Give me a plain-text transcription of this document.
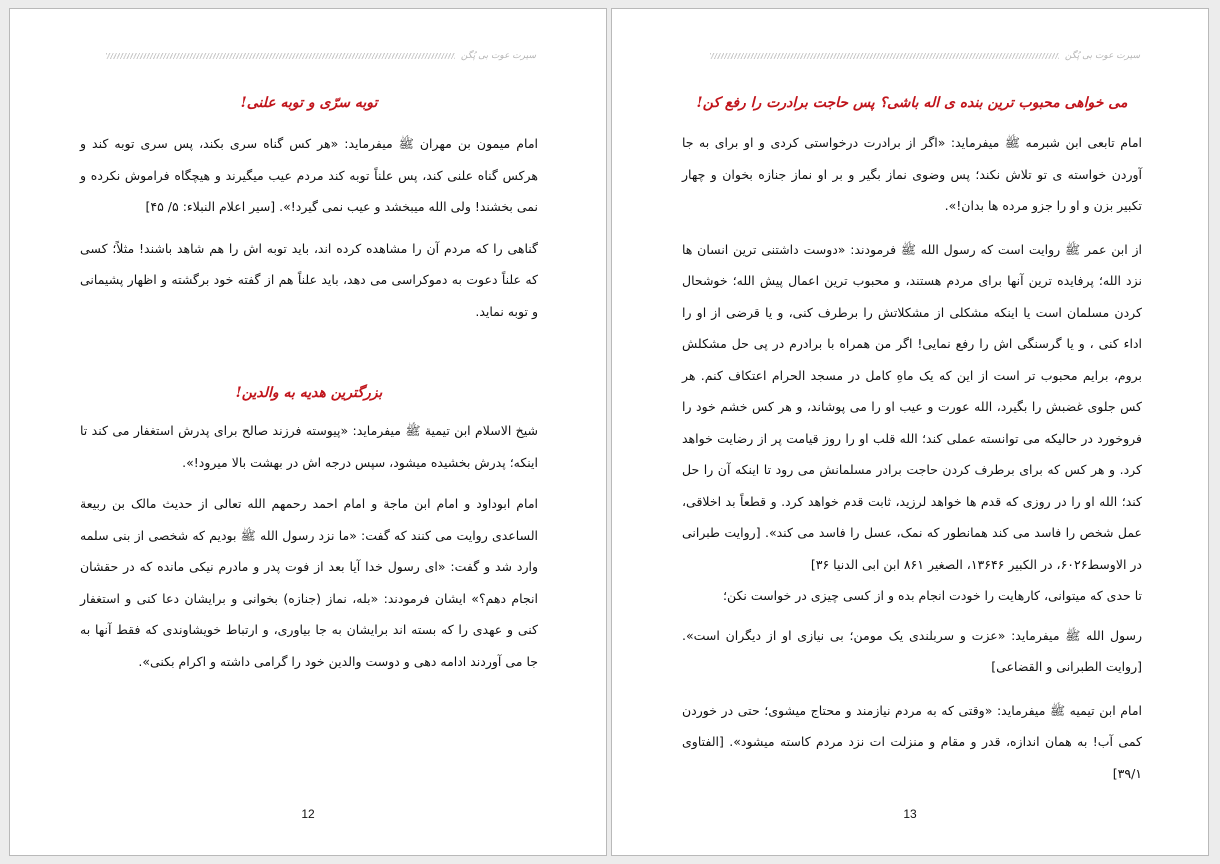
سیرت عوت بی پُگن
توبه سرّی و توبه علنی!

امام میمون بن مهران ﷺ میفرماید: «هر کس گناه سری بکند، پس سری توبه کند و هرکس گناه علنی کند، پس علناً توبه کند مردم عیب میگیرند و هیچگاه فراموش نکرده و نمی بخشند! ولی الله میبخشد و عیب نمی گیرد!». [سیر اعلام النبلاء: ۵/ ۴۵]

گناهی را که مردم آن را مشاهده کرده اند، باید توبه اش را هم شاهد باشند! مثلاً؛ کسی که علناً دعوت به دموکراسی می دهد، باید علناً هم از گفته خود برگشته و اظهار پشیمانی و توبه نماید.

بزرگترین هدیه به والدین!

شیخ الاسلام ابن تیمیة ﷺ میفرماید: «پیوسته فرزند صالح برای پدرش استغفار می کند تا اینکه؛ پدرش بخشیده میشود، سپس درجه اش در بهشت بالا میرود!».

امام ابوداود و امام ابن ماجة و امام احمد رحمهم الله تعالی از حدیث مالک بن ربیعة الساعدی روایت می کنند که گفت: «ما نزد رسول الله ﷺ بودیم که شخصی از بنی سلمه وارد شد و گفت: «ای رسول خدا آیا بعد از فوت پدر و مادرم نیکی مانده که در حقشان انجام دهم؟» ایشان فرمودند: «بله، نماز (جنازه) بخوانی و برایشان دعا کنی و استغفار کنی و عهدی را که بسته اند برایشان به جا بیاوری، و ارتباط خویشاوندی که فقط آنها به جا می آوردند ادامه دهی و دوست والدین خود را گرامی داشته و اکرام بکنی».

12
سیرت عوت بی پُگن
می خواهی محبوب ترین بنده ی اله باشی؟ پس حاجت برادرت را رفع کن!

امام تابعی ابن شبرمه ﷺ میفرماید: «اگر از برادرت درخواستی کردی و او برای به جا آوردن خواسته ی تو تلاش نکند؛ پس وضوی نماز بگیر و بر او نماز جنازه بخوان و چهار تکبیر بزن و او را جزو مرده ها بدان!».

از ابن عمر ﷺ روایت است که رسول الله ﷺ فرمودند: «دوست داشتنی ترین انسان ها نزد الله؛ پرفایده ترین آنها برای مردم هستند، و محبوب ترین اعمال پیش الله؛ خوشحال کردن مسلمان است یا اینکه مشکلی از مشکلاتش را برطرف کنی، و یا قرضی از او را اداء کنی ، و یا گرسنگی اش را رفع نمایی! اگر من همراه با برادرم در پی حل مشکلش بروم، برایم محبوب تر است از این که یک ماهِ کامل در مسجد الحرام اعتکاف کنم. هر کس جلوی غضبش را بگیرد، الله عورت و عیب او را می پوشاند، و هر کس خشم خود را فروخورد در حالیکه می توانسته عملی کند؛ الله قلب او را روز قیامت پر از رضایت خواهد کرد. و هر کس که برای برطرف کردن حاجت برادر مسلمانش می رود تا اینکه آن را حل کند؛ الله او را در روزی که قدم ها خواهد لرزید، ثابت قدم خواهد کرد. و قطعاً بد اخلاقی، عمل شخص را فاسد می کند همانطور که نمک، عسل را فاسد می کند». [روایت طبرانی در الاوسط۶۰۲۶، در الکبیر ۱۳۶۴۶، الصغیر ۸۶۱ ابن ابی الدنیا ۳۶]

تا حدی که میتوانی، کارهایت را خودت انجام بده و از کسی چیزی در خواست نکن؛

رسول الله ﷺ میفرماید: «عزت و سربلندی یک مومن؛ بی نیازی او از دیگران است». [روایت الطبرانی و القضاعی]

امام ابن تیمیه ﷺ میفرماید: «وقتی که به مردم نیازمند و محتاج میشوی؛ حتی در خوردن کمی آب! به همان اندازه، قدر و مقام و منزلت ات نزد مردم کاسته میشود». [الفتاوی ۳۹/۱]

13
